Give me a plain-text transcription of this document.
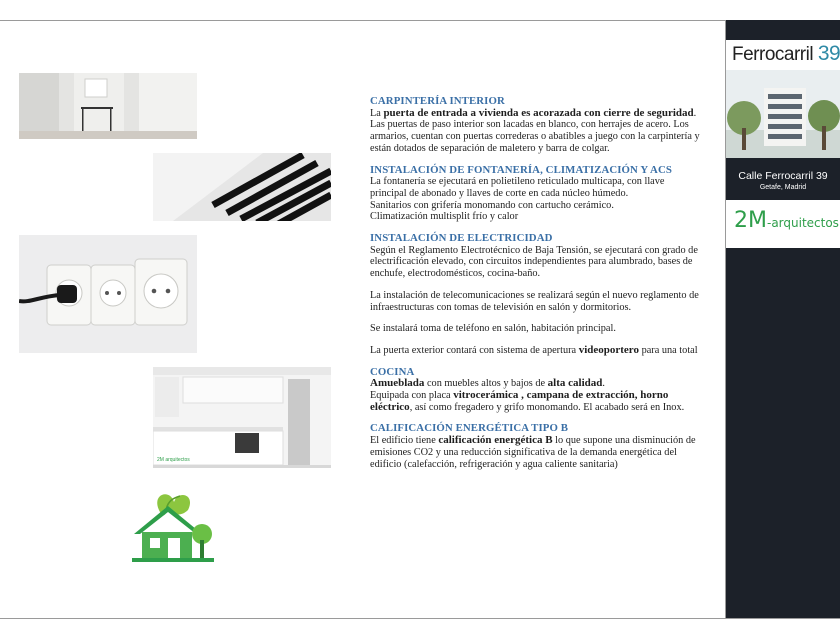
Ferrocarril 39
Calle Ferrocarril 39
Getafe, Madrid
2M-arquitectos
2M arquitectos
CARPINTERÍA INTERIOR

La puerta de entrada a vivienda es acorazada con cierre de seguridad.

Las puertas de paso interior son lacadas en blanco, con herrajes de acero. Los armarios, cuentan con puertas correderas o abatibles a juego con la carpintería y están dotados de separación de maletero y barra de colgar.

INSTALACIÓN DE FONTANERÍA, CLIMATIZACIÓN Y ACS

La fontanería se ejecutará en polietileno reticulado multicapa, con llave principal de abonado y llaves de corte en cada núcleo húmedo.

Sanitarios con grifería monomando con cartucho cerámico.

Climatización multisplit frío y calor

INSTALACIÓN DE ELECTRICIDAD

Según el Reglamento Electrotécnico de Baja Tensión, se ejecutará con grado de electrificación elevado, con circuitos independientes para alumbrado, bases de enchufe, electrodomésticos, cocina-baño.

La instalación de telecomunicaciones se realizará según el nuevo reglamento de infraestructuras con tomas de televisión en salón y dormitorios.

Se instalará toma de teléfono en salón, habitación principal.

La puerta exterior contará con sistema de apertura videoportero para una total

COCINA

Amueblada con muebles altos y bajos de alta calidad.

Equipada con placa vitrocerámica , campana de extracción, horno eléctrico, así como fregadero y grifo monomando. El acabado será en Inox.

CALIFICACIÓN ENERGÉTICA TIPO B

El edificio tiene calificación energética B lo que supone una disminución de emisiones CO2 y una reducción significativa de la demanda energética del edificio (calefacción, refrigeración y agua caliente sanitaria)
